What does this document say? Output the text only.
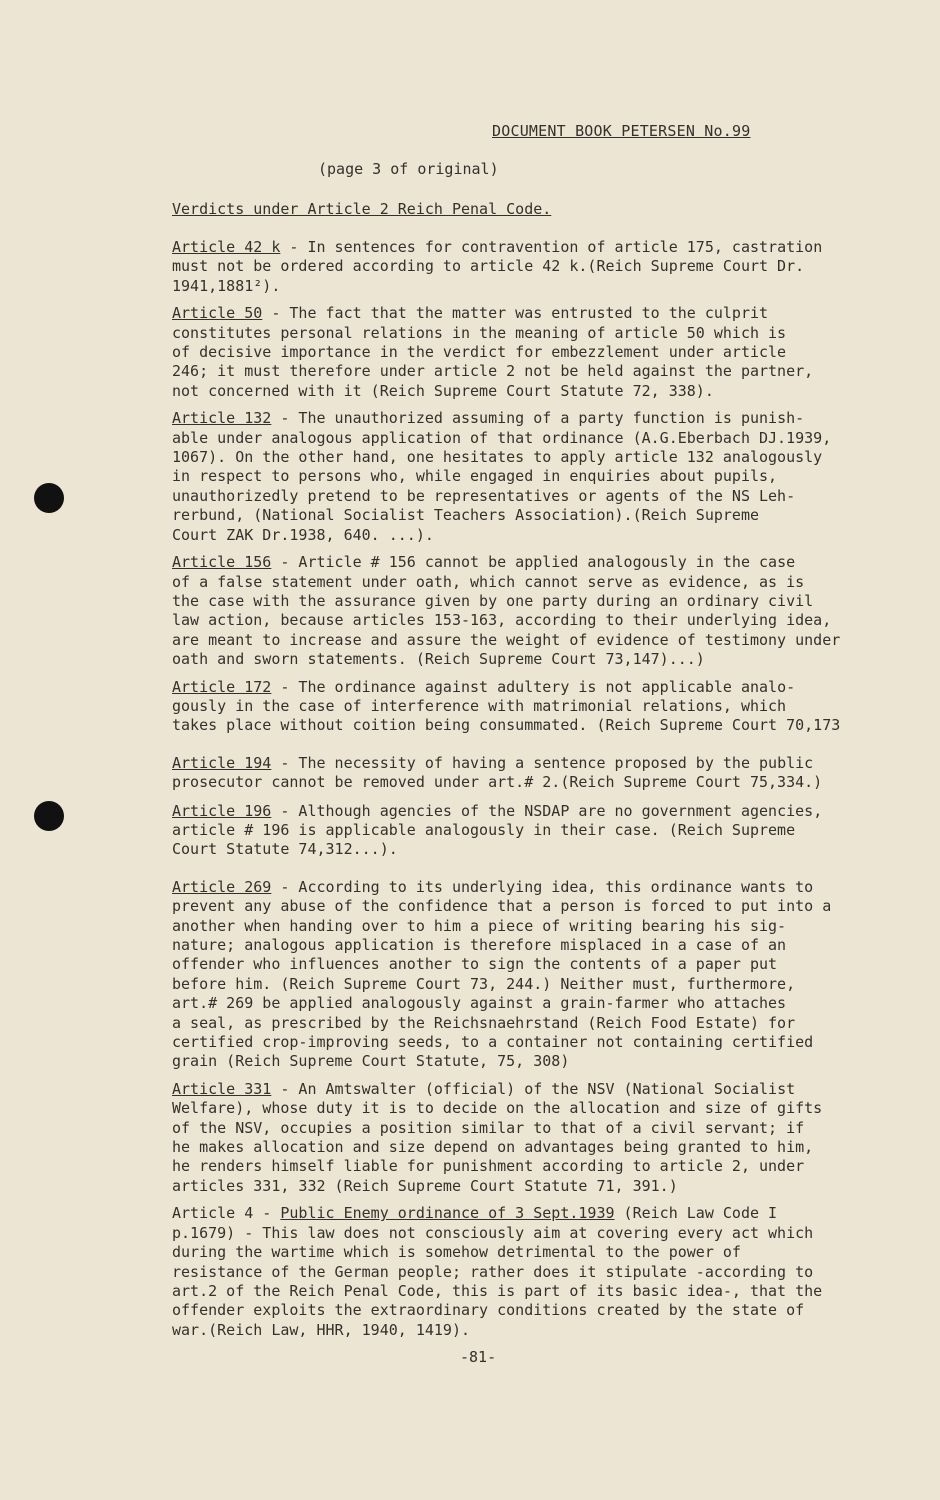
DOCUMENT BOOK PETERSEN No.99
(page 3 of original)
Verdicts under Article 2 Reich Penal Code.
Article 42 k - In sentences for contravention of article 175, castration
must not be ordered according to article 42 k.(Reich Supreme Court Dr.
1941,1881²).
Article 50 - The fact that the matter was entrusted to the culprit
constitutes personal relations in the meaning of article 50 which is
of decisive importance in the verdict for embezzlement under article
246; it must therefore under article 2 not be held against the partner,
not concerned with it (Reich Supreme Court Statute 72, 338).
Article 132 - The unauthorized assuming of a party function is punish-
able under analogous application of that ordinance (A.G.Eberbach DJ.1939,
1067). On the other hand, one hesitates to apply article 132 analogously
in respect to persons who, while engaged in enquiries about pupils,
unauthorizedly pretend to be representatives or agents of the NS Leh-
rerbund, (National Socialist Teachers Association).(Reich Supreme
Court ZAK Dr.1938, 640. ...).
Article 156 - Article # 156 cannot be applied analogously in the case
of a false statement under oath, which cannot serve as evidence, as is
the case with the assurance given by one party during an ordinary civil
law action, because articles 153-163, according to their underlying idea,
are meant to increase and assure the weight of evidence of testimony under
oath and sworn statements. (Reich Supreme Court 73,147)...)
Article 172 - The ordinance against adultery is not applicable analo-
gously in the case of interference with matrimonial relations, which
takes place without coition being consummated. (Reich Supreme Court 70,173
Article 194 - The necessity of having a sentence proposed by the public
prosecutor cannot be removed under art.# 2.(Reich Supreme Court 75,334.)
Article 196 - Although agencies of the NSDAP are no government agencies,
article # 196 is applicable analogously in their case. (Reich Supreme
Court Statute 74,312...).
Article 269 - According to its underlying idea, this ordinance wants to
prevent any abuse of the confidence that a person is forced to put into a
another when handing over to him a piece of writing bearing his sig-
nature; analogous application is therefore misplaced in a case of an
offender who influences another to sign the contents of a paper put
before him. (Reich Supreme Court 73, 244.) Neither must, furthermore,
art.# 269 be applied analogously against a grain-farmer who attaches
a seal, as prescribed by the Reichsnaehrstand (Reich Food Estate) for
certified crop-improving seeds, to a container not containing certified
grain (Reich Supreme Court Statute, 75, 308)
Article 331 - An Amtswalter (official) of the NSV (National Socialist
Welfare), whose duty it is to decide on the allocation and size of gifts
of the NSV, occupies a position similar to that of a civil servant; if
he makes allocation and size depend on advantages being granted to him,
he renders himself liable for punishment according to article 2, under
articles 331, 332 (Reich Supreme Court Statute 71, 391.)
Article 4 - Public Enemy ordinance of 3 Sept.1939 (Reich Law Code I
p.1679) - This law does not consciously aim at covering every act which
during the wartime which is somehow detrimental to the power of
resistance of the German people; rather does it stipulate -according to
art.2 of the Reich Penal Code, this is part of its basic idea-, that the
offender exploits the extraordinary conditions created by the state of
war.(Reich Law, HHR, 1940, 1419).
-81-
